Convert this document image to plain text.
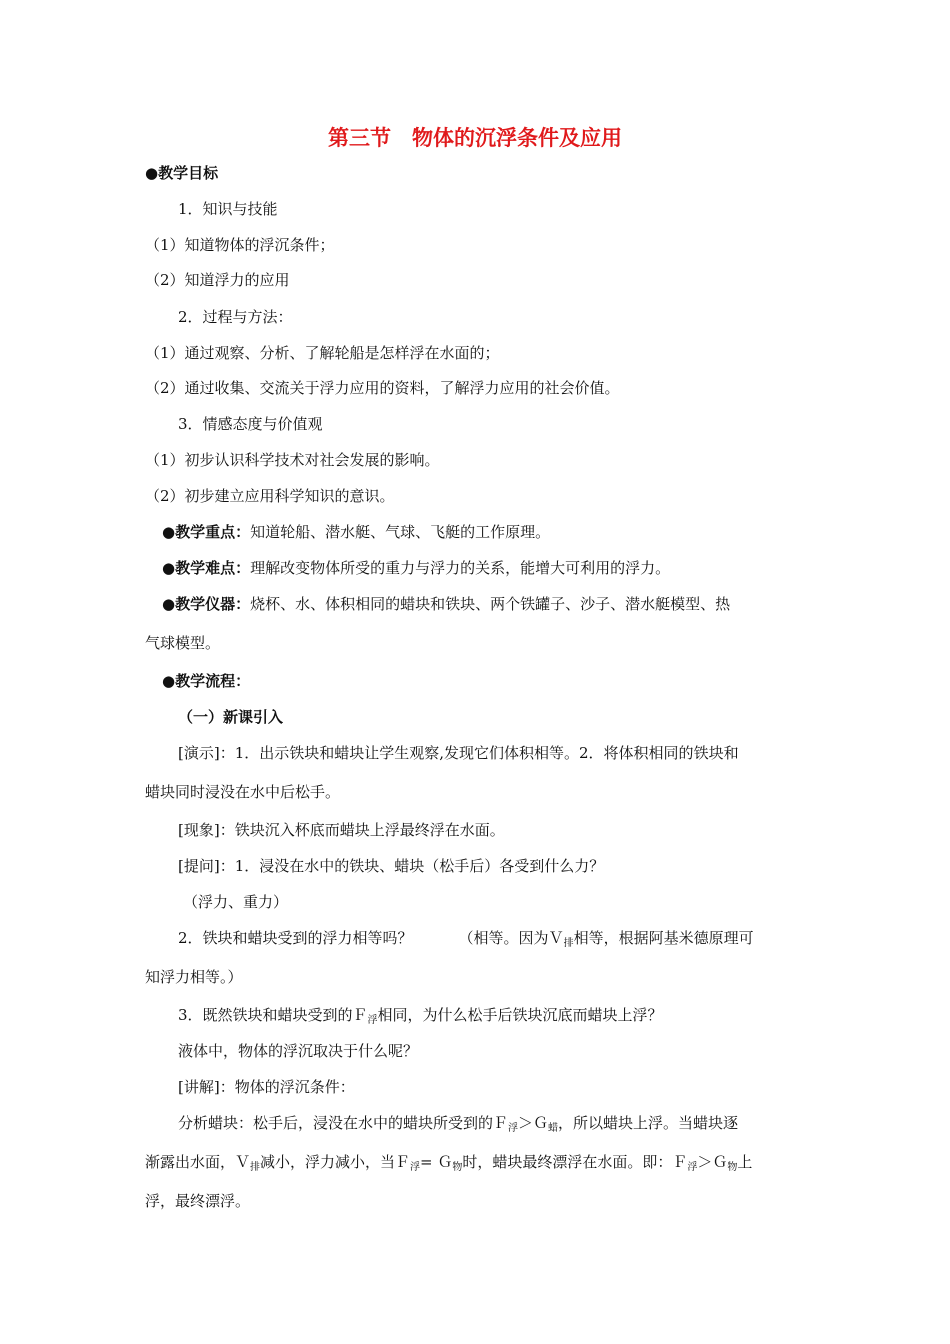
第三节　物体的沉浮条件及应用
●教学目标
1．知识与技能
（1）知道物体的浮沉条件；
（2）知道浮力的应用
2．过程与方法：
（1）通过观察、分析、了解轮船是怎样浮在水面的；
（2）通过收集、交流关于浮力应用的资料，了解浮力应用的社会价值。
3．情感态度与价值观
（1）初步认识科学技术对社会发展的影响。
（2）初步建立应用科学知识的意识。
●教学重点：知道轮船、潜水艇、气球、飞艇的工作原理。
●教学难点：理解改变物体所受的重力与浮力的关系，能增大可利用的浮力。
●教学仪器：烧杯、水、体积相同的蜡块和铁块、两个铁罐子、沙子、潜水艇模型、热
气球模型。
●教学流程：
（一）新课引入
[演示]：1．出示铁块和蜡块让学生观察,发现它们体积相等。2．将体积相同的铁块和
蜡块同时浸没在水中后松手。
[现象]：铁块沉入杯底而蜡块上浮最终浮在水面。
[提问]：1．浸没在水中的铁块、蜡块（松手后）各受到什么力？
（浮力、重力）
2．铁块和蜡块受到的浮力相等吗？	（相等。因为Ｖ$_排$相等，根据阿基米德原理可
知浮力相等。）
3．既然铁块和蜡块受到的Ｆ$_浮$相同，为什么松手后铁块沉底而蜡块上浮？
液体中，物体的浮沉取决于什么呢？
[讲解]：物体的浮沉条件：
分析蜡块：松手后，浸没在水中的蜡块所受到的Ｆ$_浮$＞Ｇ$_蜡$，所以蜡块上浮。当蜡块逐
渐露出水面，Ｖ$_排$减小，浮力减小，当Ｆ$_浮$= Ｇ$_物$时，蜡块最终漂浮在水面。即：Ｆ$_浮$＞Ｇ$_物$上
浮，最终漂浮。
